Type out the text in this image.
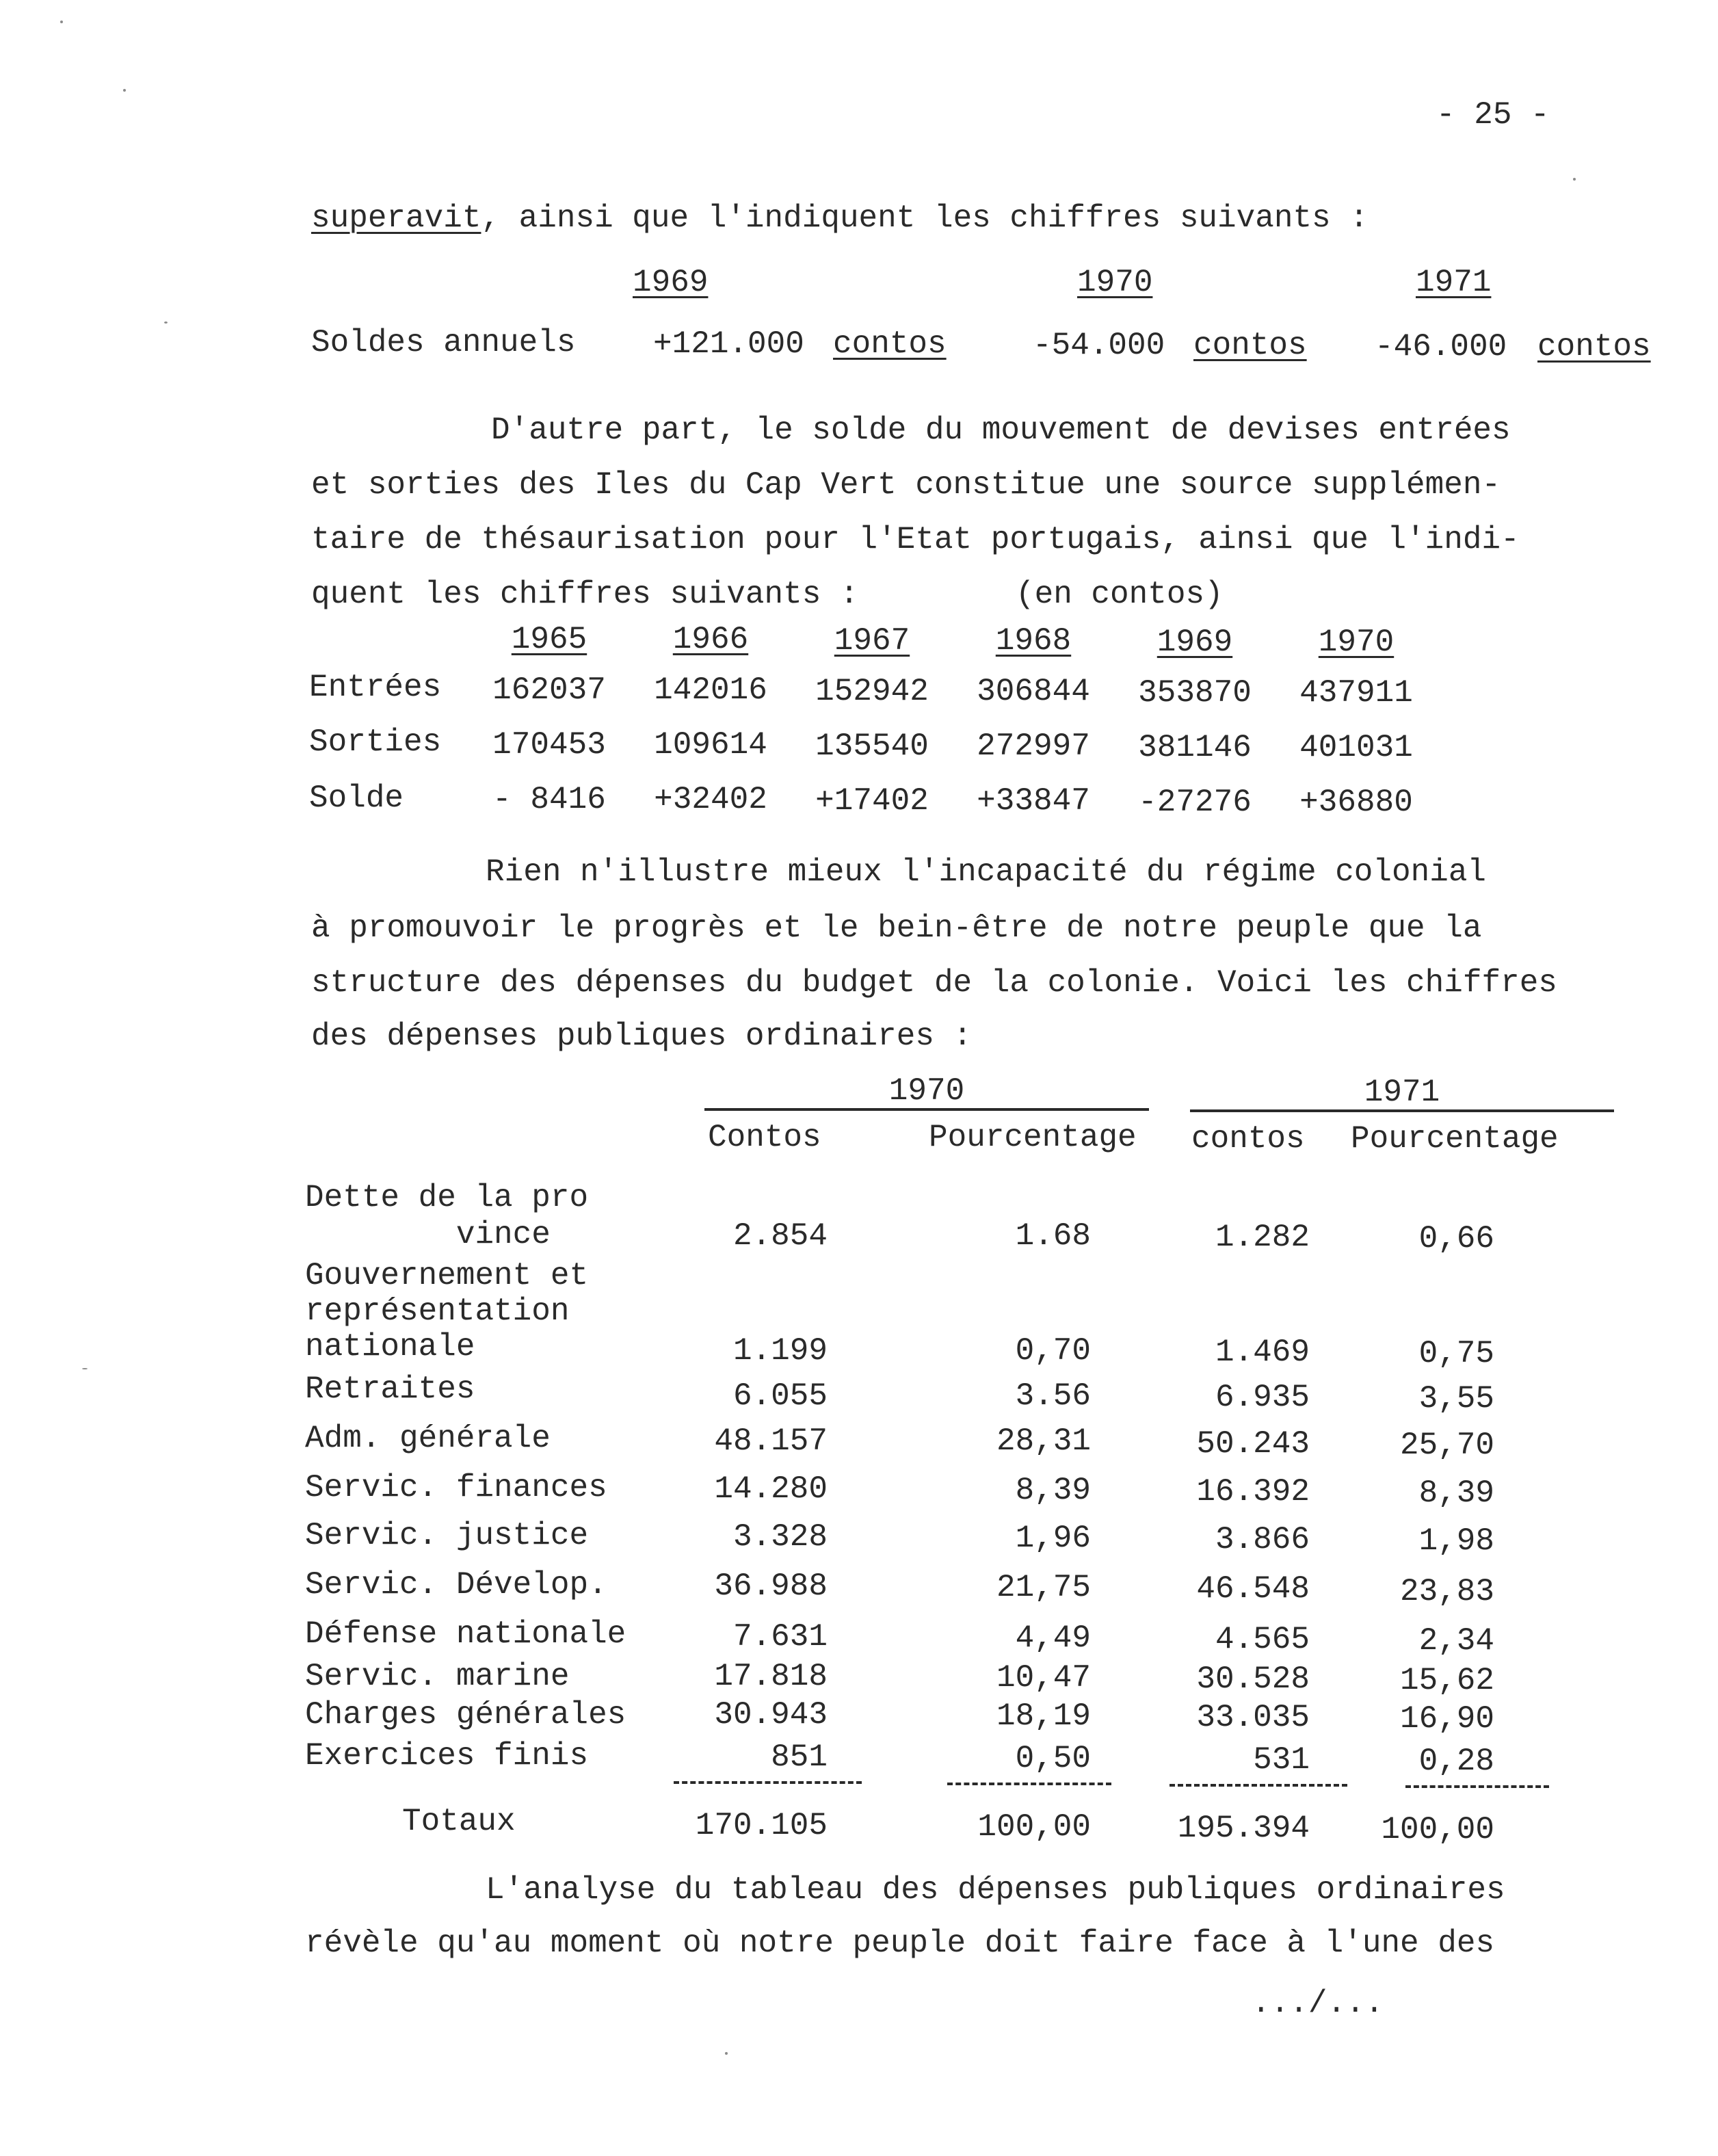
- 25 -
superavit, ainsi que l'indiquent les chiffres suivants :
1969	1970	1971
Soldes annuels +121.000 contos	-54.000 contos -46.000 contos
D'autre part, le solde du mouvement de devises entrées
et sorties des Iles du Cap Vert constitue une source supplémen-
taire de thésaurisation pour l'Etat portugais, ainsi que l'indi-
quent les chiffres suivants :	(en contos)
1965	1966	1967	1968	1969	1970
Entrées 162037 142016 152942 306844 353870 437911
Sorties 170453 109614 135540 272997 381146 401031
Solde	- 8416 +32402 +17402 +33847 -27276 +36880
Rien n'illustre mieux l'incapacité du régime colonial
à promouvoir le progrès et le bein-être de notre peuple que la
structure des dépenses du budget de la colonie. Voici les chiffres
des dépenses publiques ordinaires :
1970	1971
Contos	Pourcentage contos Pourcentage
Dette de la pro
vince	2.854	1.68	1.282	0,66
Gouvernement et
représentation
nationale	1.199	0,70	1.469	0,75
Retraites	6.055	3.56	6.935	3,55
Adm. générale	48.157	28,31	50.243	25,70
Servic. finances	14.280	8,39	16.392	8,39
Servic. justice	3.328	1,96	3.866	1,98
Servic. Dévelop.	36.988	21,75	46.548	23,83
Défense nationale	7.631	4,49	4.565	2,34
Servic. marine	17.818	10,47	30.528	15,62
Charges générales	30.943	18,19	33.035	16,90
Exercices finis	851	0,50	531	0,28
Totaux	170.105	100,00	195.394	100,00
L'analyse du tableau des dépenses publiques ordinaires
révèle qu'au moment où notre peuple doit faire face à l'une des
.../...
